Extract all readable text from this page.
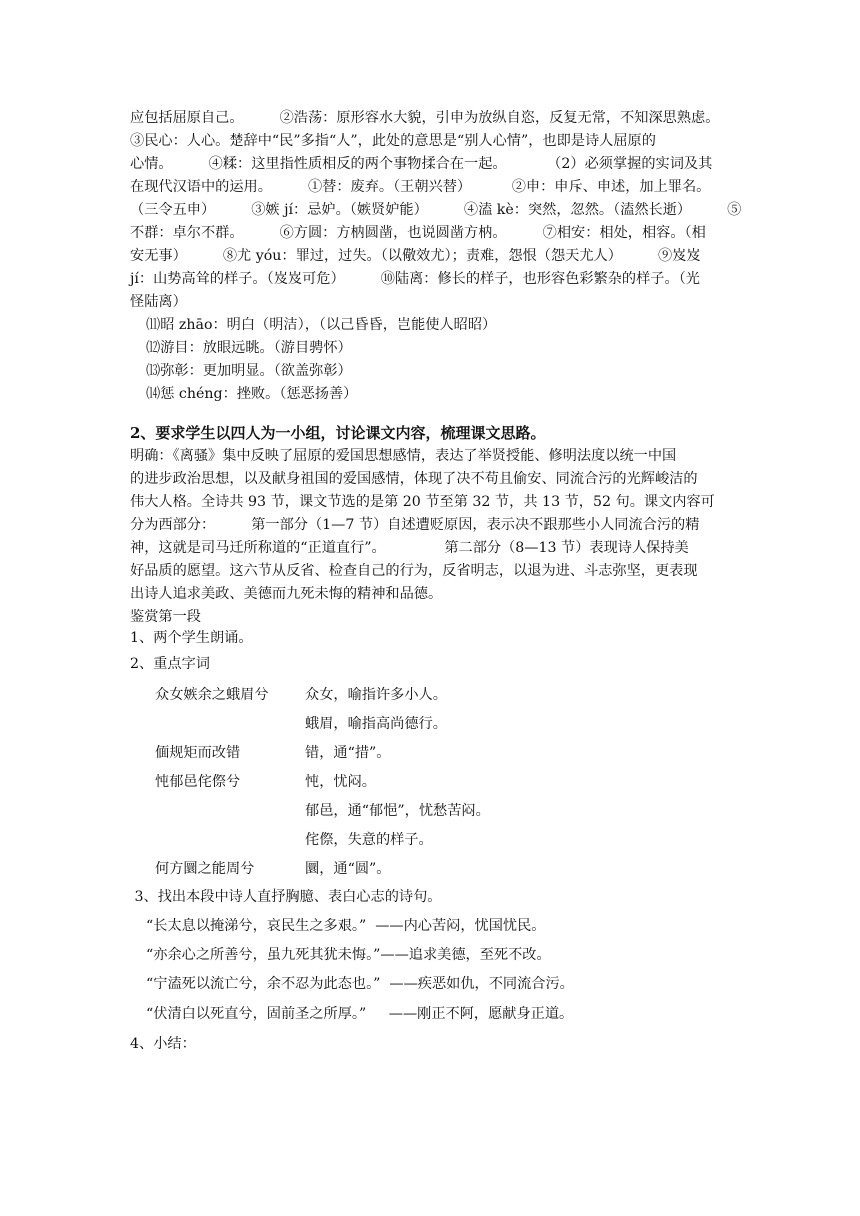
应包括屈原自己。        ②浩荡：原形容水大貌，引申为放纵自恣，反复无常，不知深思熟虑。
③民心：人心。楚辞中“民”多指“人”，此处的意思是“别人心情”，也即是诗人屈原的
心情。        ④糅：这里指性质相反的两个事物揉合在一起。         （2）必须掌握的实词及其
在现代汉语中的运用。        ①替：废弃。（王朝兴替）         ②申：申斥、申述，加上罪名。
（三令五申）        ③嫉 jí：忌妒。（嫉贤妒能）        ④溘 kè：突然，忽然。（溘然长逝）        ⑤
不群：卓尔不群。        ⑥方圆：方枘圆凿，也说圆凿方枘。        ⑦相安：相处，相容。（相
安无事）        ⑧尤 yóu：罪过，过失。（以儆效尤）；责难，怨恨（怨天尤人）        ⑨岌岌
jí：山势高耸的样子。（岌岌可危）        ⑩陆离：修长的样子，也形容色彩繁杂的样子。（光
怪陆离）
⑾昭 zhāo：明白（明洁），（以己昏昏，岂能使人昭昭）
⑿游目：放眼远眺。（游目骋怀）
⒀弥彰：更加明显。（欲盖弥彰）
⒁惩 chéng：挫败。（惩恶扬善）
2、要求学生以四人为一小组，讨论课文内容，梳理课文思路。
明确：《离骚》集中反映了屈原的爱国思想感情，表达了举贤授能、修明法度以统一中国
的进步政治思想，以及献身祖国的爱国感情，体现了决不苟且偷安、同流合污的光辉峻洁的
伟大人格。全诗共 93 节，课文节选的是第 20 节至第 32 节，共 13 节，52 句。课文内容可
分为西部分：        第一部分（1—7 节）自述遭贬原因，表示决不跟那些小人同流合污的精
神，这就是司马迁所称道的“正道直行”。             第二部分（8—13 节）表现诗人保持美
好品质的愿望。这六节从反省、检查自己的行为，反省明志，以退为进、斗志弥坚，更表现
出诗人追求美政、美德而九死未悔的精神和品德。
鉴赏第一段
1、两个学生朗诵。
2、重点字词
众女嫉余之蛾眉兮	众女，喻指许多小人。
蛾眉，喻指高尚德行。
偭规矩而改错	错，通“措”。
忳郁邑侘傺兮	忳，忧闷。
郁邑，通“郁悒”，忧愁苦闷。
侘傺，失意的样子。
何方圜之能周兮	圜，通“圆”。
3、找出本段中诗人直抒胸臆、表白心志的诗句。
“长太息以掩涕兮，哀民生之多艰。”  ——内心苦闷，忧国忧民。
“亦余心之所善兮，虽九死其犹未悔。”——追求美德，至死不改。
“宁溘死以流亡兮，余不忍为此态也。”  ——疾恶如仇，不同流合污。
“伏清白以死直兮，固前圣之所厚。”     ——刚正不阿，愿献身正道。
4、小结：
